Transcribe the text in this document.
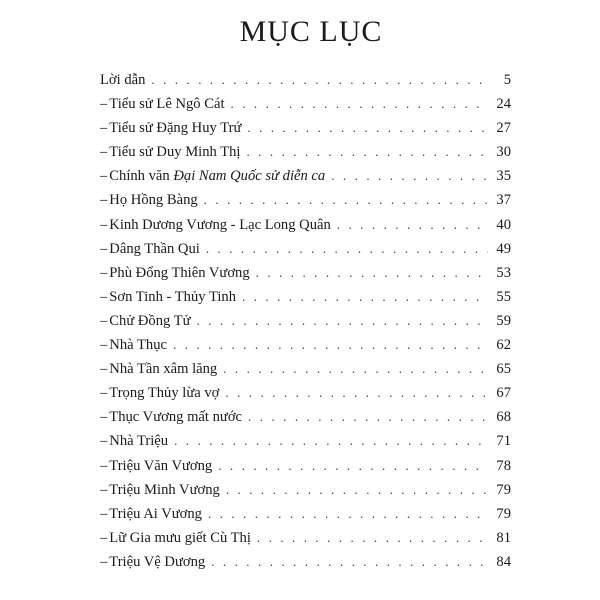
MỤC LỤC
Lời dẫn . . .	5
– Tiểu sử Lê Ngô Cát . . .	24
– Tiểu sử Đặng Huy Trứ . . .	27
– Tiểu sử Duy Minh Thị . . .	30
– Chính văn Đại Nam Quốc sử diễn ca . . .	35
– Họ Hồng Bàng . . .	37
– Kinh Dương Vương - Lạc Long Quân . . .	40
– Dâng Thần Qui . . .	49
– Phù Đổng Thiên Vương . . .	53
– Sơn Tinh - Thủy Tinh . . .	55
– Chử Đồng Tử . . .	59
– Nhà Thục . . .	62
– Nhà Tần xâm lăng . . .	65
– Trọng Thủy lừa vợ . . .	67
– Thục Vương mất nước . . .	68
– Nhà Triệu . . .	71
– Triệu Văn Vương . . .	78
– Triệu Minh Vương . . .	79
– Triệu Ai Vương . . .	79
– Lữ Gia mưu giết Cù Thị . . .	81
– Triệu Vệ Dương . . .	84
